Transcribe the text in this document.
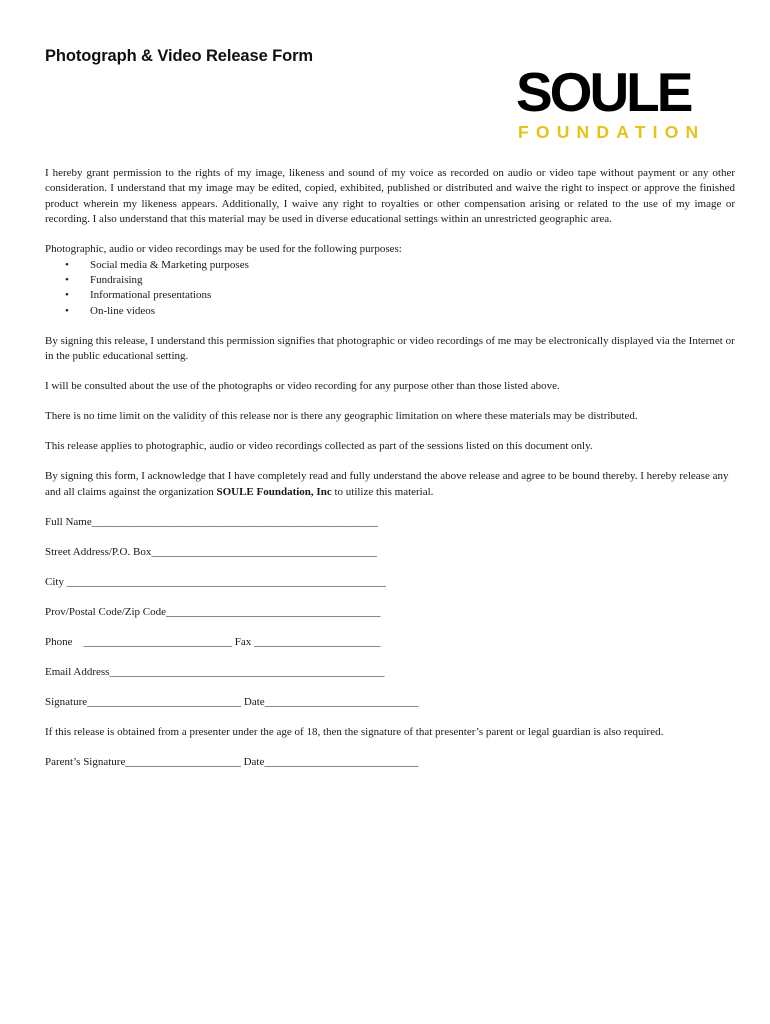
Photograph & Video Release Form
SOULE
FOUNDATION

I hereby grant permission to the rights of my image, likeness and sound of my voice as recorded on audio or video tape without payment or any other consideration. I understand that my image may be edited, copied, exhibited, published or distributed and waive the right to inspect or approve the finished product wherein my likeness appears. Additionally, I waive any right to royalties or other compensation arising or related to the use of my image or recording. I also understand that this material may be used in diverse educational settings within an unrestricted geographic area.

Photographic, audio or video recordings may be used for the following purposes:
• Social media & Marketing purposes
• Fundraising
• Informational presentations
• On-line videos

By signing this release, I understand this permission signifies that photographic or video recordings of me may be electronically displayed via the Internet or in the public educational setting.

I will be consulted about the use of the photographs or video recording for any purpose other than those listed above.

There is no time limit on the validity of this release nor is there any geographic limitation on where these materials may be distributed.

This release applies to photographic, audio or video recordings collected as part of the sessions listed on this document only.

By signing this form, I acknowledge that I have completely read and fully understand the above release and agree to be bound thereby. I hereby release any and all claims against the organization SOULE Foundation, Inc to utilize this material.

Full Name____________________________________________________
Street Address/P.O. Box_________________________________________
City __________________________________________________________
Prov/Postal Code/Zip Code_______________________________________
Phone    ___________________________ Fax _______________________
Email Address__________________________________________________
Signature____________________________ Date____________________________

If this release is obtained from a presenter under the age of 18, then the signature of that presenter’s parent or legal guardian is also required.

Parent’s Signature_____________________ Date____________________________
